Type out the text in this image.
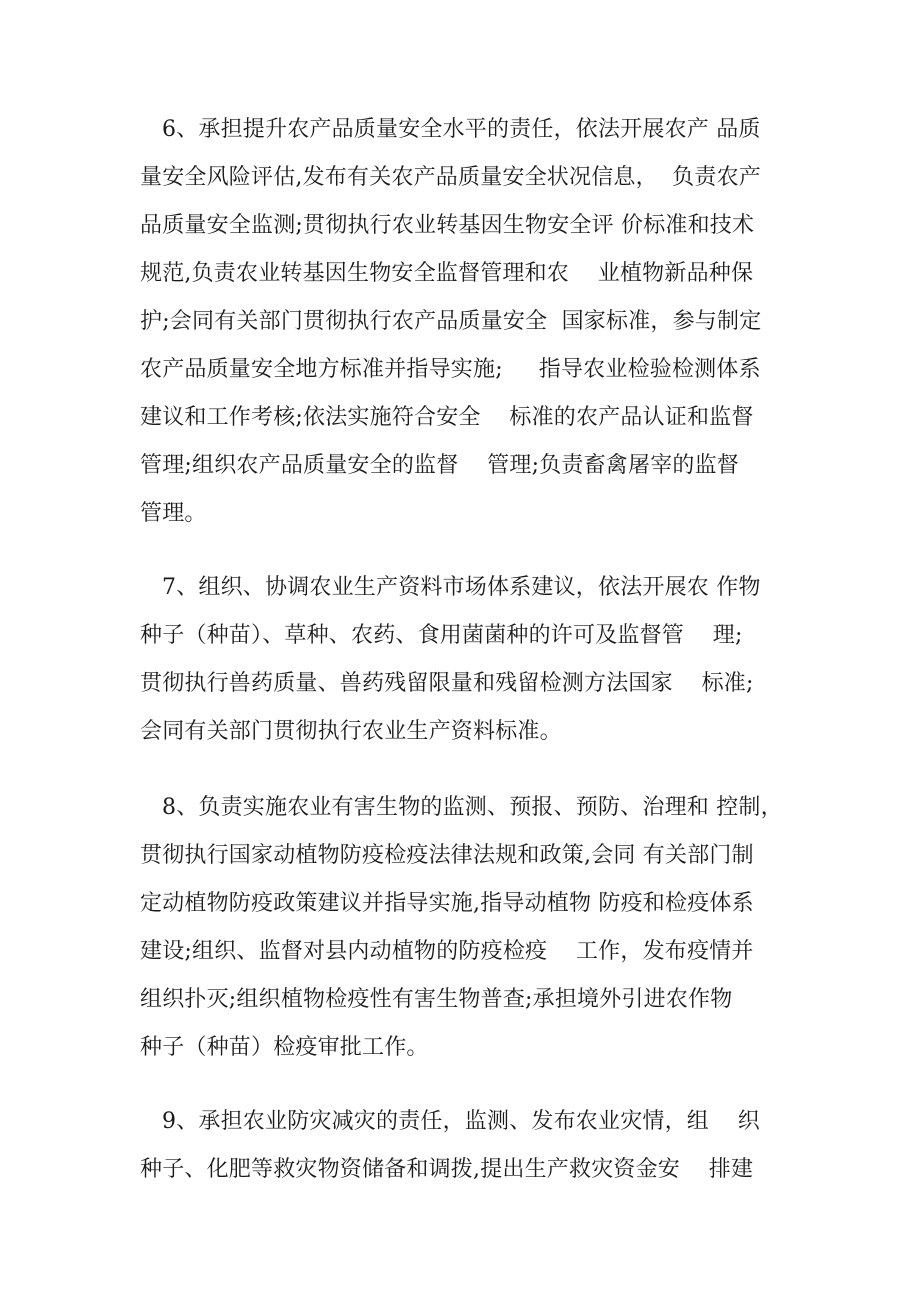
6、承担提升农产品质量安全水平的责任，依法开展农产 品质
量安全风险评估,发布有关农产品质量安全状况信息，  负责农产
品质量安全监测;贯彻执行农业转基因生物安全评 价标准和技术
规范,负责农业转基因生物安全监督管理和农    业植物新品种保
护;会同有关部门贯彻执行农产品质量安全  国家标准，参与制定
农产品质量安全地方标准并指导实施;     指导农业检验检测体系
建议和工作考核;依法实施符合安全    标准的农产品认证和监督
管理;组织农产品质量安全的监督    管理;负责畜禽屠宰的监督
管理。
7、组织、协调农业生产资料市场体系建议，依法开展农 作物
种子（种苗）、草种、农药、食用菌菌种的许可及监督管    理;
贯彻执行兽药质量、兽药残留限量和残留检测方法国家    标准;
会同有关部门贯彻执行农业生产资料标准。
8、负责实施农业有害生物的监测、预报、预防、治理和 控制，
贯彻执行国家动植物防疫检疫法律法规和政策,会同 有关部门制
定动植物防疫政策建议并指导实施,指导动植物 防疫和检疫体系
建设;组织、监督对县内动植物的防疫检疫    工作，发布疫情并
组织扑灭;组织植物检疫性有害生物普查;承担境外引进农作物
种子（种苗）检疫审批工作。
9、承担农业防灾减灾的责任，监测、发布农业灾情，组    织
种子、化肥等救灾物资储备和调拨,提出生产救灾资金安    排建
